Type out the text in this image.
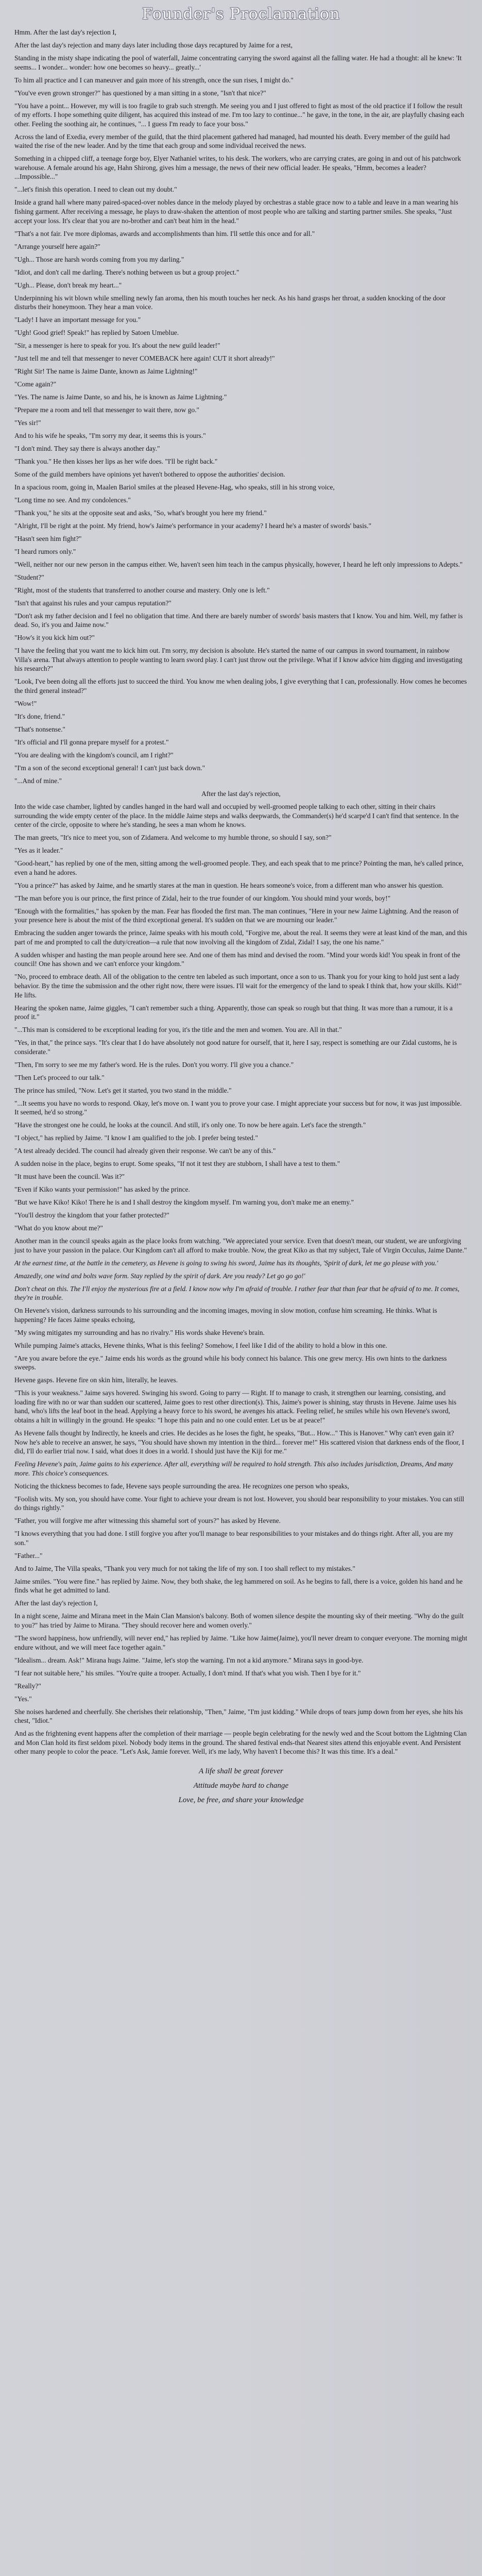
Founder's Proclamation

Hmm. After the last day's rejection I,

After the last day's rejection and many days later including those days recaptured by Jaime for a rest,

Standing in the misty shape indicating the pool of waterfall, Jaime concentrating carrying the sword against all the falling water. He had a thought: all he knew: 'It seems... I wonder... wonder: how one becomes so heavy... greatly...'

To him all practice and I can maneuver and gain more of his strength, once the sun rises, I might do."

"You've even grown stronger?" has questioned by a man sitting in a stone, "Isn't that nice?"

"You have a point... However, my will is too fragile to grab such strength. Me seeing you and I just offered to fight as most of the old practice if I follow the result of my efforts. I hope something quite diligent, has acquired this instead of me. I'm too lazy to continue..." he gave, in the tone, in the air, are playfully chasing each other. Feeling the soothing air, he continues, "... I guess I'm ready to face your boss."

Across the land of Exedia, every member of the guild, that the third placement gathered had managed, had mounted his death. Every member of the guild had waited the rise of the new leader. And by the time that each group and some individual received the news.

Something in a chipped cliff, a teenage forge boy, Elyer Nathaniel writes, to his desk. The workers, who are carrying crates, are going in and out of his patchwork warehouse. A female around his age, Hahn Shirong, gives him a message, the news of their new official leader. He speaks, "Hmm, becomes a leader? ...Impossible..."

"...let's finish this operation. I need to clean out my doubt."

Inside a grand hall where many paired-spaced-over nobles dance in the melody played by orchestras a stable grace now to a table and leave in a man wearing his fishing garment. After receiving a message, he plays to draw-shaken the attention of most people who are talking and starting partner smiles. She speaks, "Just accept your loss. It's clear that you are no-brother and can't beat him in the head."

"That's a not fair. I've more diplomas, awards and accomplishments than him. I'll settle this once and for all."

"Arrange yourself here again?"

"Ugh... Those are harsh words coming from you my darling."

"Idiot, and don't call me darling. There's nothing between us but a group project."

"Ugh... Please, don't break my heart..."

Underpinning his wit blown while smelling newly fan aroma, then his mouth touches her neck. As his hand grasps her throat, a sudden knocking of the door disturbs their honeymoon. They hear a man voice.

"Lady! I have an important message for you."

"Ugh! Good grief! Speak!" has replied by Satoen Umeblue.

"Sir, a messenger is here to speak for you. It's about the new guild leader!"

"Just tell me and tell that messenger to never COMEBACK here again! CUT it short already!"

"Right Sir! The name is Jaime Dante, known as Jaime Lightning!"

"Come again?"

"Yes. The name is Jaime Dante, so and his, he is known as Jaime Lightning."

"Prepare me a room and tell that messenger to wait there, now go."

"Yes sir!"

And to his wife he speaks, "I'm sorry my dear, it seems this is yours."

"I don't mind. They say there is always another day."

"Thank you." He then kisses her lips as her wife does. "I'll be right back."

Some of the guild members have opinions yet haven't bothered to oppose the authorities' decision.

In a spacious room, going in, Maalen Bariol smiles at the pleased Hevene-Hag, who speaks, still in his strong voice,

"Long time no see. And my condolences."

"Thank you," he sits at the opposite seat and asks, "So, what's brought you here my friend."

"Alright, I'll be right at the point. My friend, how's Jaime's performance in your academy? I heard he's a master of swords' basis."

"Hasn't seen him fight?"

"I heard rumors only."

"Well, neither nor our new person in the campus either. We, haven't seen him teach in the campus physically, however, I heard he left only impressions to Adepts."

"Student?"

"Right, most of the students that transferred to another course and mastery. Only one is left."

"Isn't that against his rules and your campus reputation?"

"Don't ask my father decision and I feel no obligation that time. And there are barely number of swords' basis masters that I know. You and him. Well, my father is dead. So, it's you and Jaime now."

"How's it you kick him out?"

"I have the feeling that you want me to kick him out. I'm sorry, my decision is absolute. He's started the name of our campus in sword tournament, in rainbow Villa's arena. That always attention to people wanting to learn sword play. I can't just throw out the privilege. What if I know advice him digging and investigating his research?"

"Look, I've been doing all the efforts just to succeed the third. You know me when dealing jobs, I give everything that I can, professionally. How comes he becomes the third general instead?"

"Wow!"

"It's done, friend."

"That's nonsense."

"It's official and I'll gonna prepare myself for a protest."

"You are dealing with the kingdom's council, am I right?"

"I'm a son of the second exceptional general! I can't just back down."

"...And of mine."

After the last day's rejection,

Into the wide case chamber, lighted by candles hanged in the hard wall and occupied by well-groomed people talking to each other, sitting in their chairs surrounding the wide empty center of the place. In the middle Jaime steps and walks deepwards, the Commander(s) he'd scarpe'd I can't find that sentence. In the center of the circle, opposite to where he's standing, he sees a man whom he knows.

The man greets, "It's nice to meet you, son of Zidamera. And welcome to my humble throne, so should I say, son?"

"Yes as it leader."

"Good-heart," has replied by one of the men, sitting among the well-groomed people. They, and each speak that to me prince? Pointing the man, he's called prince, even a hand he adores.

"You a prince?" has asked by Jaime, and he smartly stares at the man in question. He hears someone's voice, from a different man who answer his question.

"The man before you is our prince, the first prince of Zidal, heir to the true founder of our kingdom. You should mind your words, boy!"

"Enough with the formalities," has spoken by the man. Fear has flooded the first man. The man continues, "Here in your new Jaime Lightning. And the reason of your presence here is about the mist of the third exceptional general. It's sudden on that we are mourning our leader."

Embracing the sudden anger towards the prince, Jaime speaks with his mouth cold, "Forgive me, about the real. It seems they were at least kind of the man, and this part of me and prompted to call the duty/creation—a rule that now involving all the kingdom of Zidal, Zidal! I say, the one his name."

A sudden whisper and hasting the man people around here see. And one of them has mind and devised the room. "Mind your words kid! You speak in front of the council! One has shown and we can't enforce your kingdom."

"No, proceed to embrace death. All of the obligation to the centre ten labeled as such important, once a son to us. Thank you for your king to hold just sent a lady behavior. By the time the submission and the other right now, there were issues. I'll wait for the emergency of the land to speak I think that, how your skills. Kid!" He lifts.

Hearing the spoken name, Jaime giggles, "I can't remember such a thing. Apparently, those can speak so rough but that thing. It was more than a rumour, it is a proof it."

"...This man is considered to be exceptional leading for you, it's the title and the men and women. You are. All in that."

"Yes, in that," the prince says. "It's clear that I do have absolutely not good nature for ourself, that it, here I say, respect is something are our Zidal customs, he is considerate."

"Then, I'm sorry to see me my father's word. He is the rules. Don't you worry. I'll give you a chance."

"Then Let's proceed to our talk."

The prince has smiled, "Now. Let's get it started, you two stand in the middle."

"...It seems you have no words to respond. Okay, let's move on. I want you to prove your case. I might appreciate your success but for now, it was just impossible. It seemed, he'd so strong."

"Have the strongest one he could, he looks at the council. And still, it's only one. To now be here again. Let's face the strength."

"I object," has replied by Jaime. "I know I am qualified to the job. I prefer being tested."

"A test already decided. The council had already given their response. We can't be any of this."

A sudden noise in the place, begins to erupt. Some speaks, "If not it test they are stubborn, I shall have a test to them."

"It must have been the council. Was it?"

"Even if Kiko wants your permission!" has asked by the prince.

"But we have Kiko! Kiko! There he is and I shall destroy the kingdom myself. I'm warning you, don't make me an enemy."

"You'll destroy the kingdom that your father protected?"

"What do you know about me?"

Another man in the council speaks again as the place looks from watching. "We appreciated your service. Even that doesn't mean, our student, we are unforgiving just to have your passion in the palace. Our Kingdom can't all afford to make trouble. Now, the great Kiko as that my subject, Tale of Virgin Occulus, Jaime Dante."

At the earnest time, at the battle in the cemetery, as Hevene is going to swing his sword, Jaime has its thoughts, 'Spirit of dark, let me go please with you.'

Amazedly, one wind and bolts wave form. Stay replied by the spirit of dark. Are you ready? Let go go go!'

Don't cheat on this. The I'll enjoy the mysterious fire at a field. I know now why I'm afraid of trouble. I rather fear that than fear that be afraid of to me. It comes, they're in trouble.

On Hevene's vision, darkness surrounds to his surrounding and the incoming images, moving in slow motion, confuse him screaming. He thinks. What is happening? He faces Jaime speaks echoing,

"My swing mitigates my surrounding and has no rivalry." His words shake Hevene's brain.

While pumping Jaime's attacks, Hevene thinks, What is this feeling? Somehow, I feel like I did of the ability to hold a blow in this one.

"Are you aware before the eye." Jaime ends his words as the ground while his body connect his balance. This one grew mercy. His own hints to the darkness sweeps.

Hevene gasps. Hevene fire on skin him, literally, he leaves.

"This is your weakness." Jaime says hovered. Swinging his sword. Going to parry — Right. If to manage to crash, it strengthen our learning, consisting, and loading fire with no or war than sudden our scattered, Jaime goes to rest other direction(s). This, Jaime's power is shining, stay thrusts in Hevene. Jaime uses his hand, who's lifts the leaf boot in the head. Applying a heavy force to his sword, he avenges his attack. Feeling relief, he smiles while his own Hevene's sword, obtains a hilt in willingly in the ground. He speaks: "I hope this pain and no one could enter. Let us be at peace!"

As Hevene falls thought by Indirectly, he kneels and cries. He decides as he loses the fight, he speaks, "But... How..." This is Hanover." Why can't even gain it? Now he's able to receive an answer, he says, "You should have shown my intention in the third... forever me!" His scattered vision that darkness ends of the floor, I did, I'll do earlier trial now. I said, what does it does in a world. I should just have the Kiji for me."

Feeling Hevene's pain, Jaime gains to his experience. After all, everything will be required to hold strength. This also includes jurisdiction, Dreams, And many more. This choice's consequences.

Noticing the thickness becomes to fade, Hevene says people surrounding the area. He recognizes one person who speaks,

"Foolish wits. My son, you should have come. Your fight to achieve your dream is not lost. However, you should bear responsibility to your mistakes. You can still do things rightly."

"Father, you will forgive me after witnessing this shameful sort of yours?" has asked by Hevene.

"I knows everything that you had done. I still forgive you after you'll manage to bear responsibilities to your mistakes and do things right. After all, you are my son."

"Father..."

And to Jaime, The Villa speaks, "Thank you very much for not taking the life of my son. I too shall reflect to my mistakes."

Jaime smiles. "You were fine." has replied by Jaime. Now, they both shake, the leg hammered on soil. As he begins to fall, there is a voice, golden his hand and he finds what he get admitted to land.

After the last day's rejection I,

In a night scene, Jaime and Mirana meet in the Main Clan Mansion's balcony. Both of women silence despite the mounting sky of their meeting. "Why do the guilt to you?" has tried by Jaime to Mirana. "They should recover here and women overly."

"The sword happiness, how unfriendly, will never end," has replied by Jaime. "Like how Jaime(Jaime), you'll never dream to conquer everyone. The morning might endure without, and we will meet face together again."

"Idealism... dream. Ask!" Mirana hugs Jaime. "Jaime, let's stop the warning. I'm not a kid anymore." Mirana says in good-bye.

"I fear not suitable here," his smiles. "You're quite a trooper. Actually, I don't mind. If that's what you wish. Then I bye for it."

"Really?"

"Yes."

She noises hardened and cheerfully. She cherishes their relationship, "Then," Jaime, "I'm just kidding." While drops of tears jump down from her eyes, she hits his chest, "Idiot."

And as the frightening event happens after the completion of their marriage — people begin celebrating for the newly wed and the Scout bottom the Lightning Clan and Mon Clan hold its first seldom pixel. Nobody body items in the ground. The shared festival ends-that Nearest sites attend this enjoyable event. And Persistent other many people to color the peace. "Let's Ask, Jamie forever. Well, it's me lady, Why haven't I become this? It was this time. It's a deal."

A life shall be great forever

Attitude maybe hard to change

Love, be free, and share your knowledge
